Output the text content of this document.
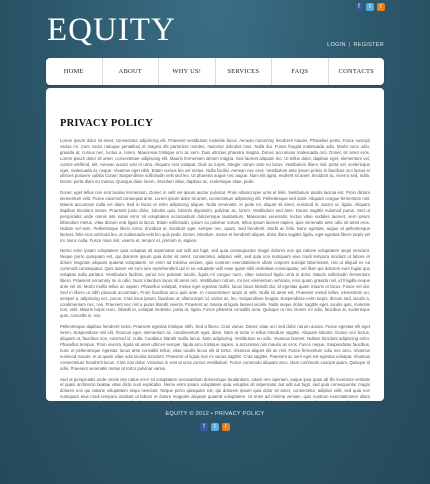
EQUITY
f	t	r
LOGIN | REGISTER
HOME	ABOUT	WHY US!	SERVICES	FAQS	CONTACTS
PRIVACY POLICY

Lorem ipsum dolor sit amet, consectetur adipiscing elit. Praesent vestibulum molestie lacus. Aenean nonummy hendrerit mauris. Phasellus porta. Fusce suscipit varius mi. Cum sociis natoque penatibus et magnis dis parturient montes, nascetur ridiculus mus. Nulla dui. Fusce feugiat malesuada odio. Morbi nunc odio, gravida at, cursus nec, luctus a, lorem. Maecenas tristique orci ac sem. Duis ultricies pharetra magna. Donec accumsan malesuada orci. Donec sit amet eros. Lorem ipsum dolor sit amet, consectetuer adipiscing elit. Mauris fermentum dictum magna. Sed laoreet aliquam leo. Ut tellus dolor, dapibus eget, elementum vel, cursus eleifend, elit. Aenean auctor wisi et urna. Aliquam erat volutpat. Duis ac turpis. Integer rutrum ante eu lacus. Vestibulum libero nisl, porta vel, scelerisque eget, malesuada at, neque. Vivamus eget nibh. Etiam cursus leo vel metus. Nulla facilisi. Aenean nec eros. Vestibulum ante ipsum primis in faucibus orci luctus et ultrices posuere cubilia Curae; Suspendisse sollicitudin velit sed leo. Ut pharetra augue nec augue. Nam elit agna, endrerit sit amet, tincidunt ac, viverra sed, nulla. Donec porta diam eu massa. Quisque diam lorem, interdum vitae, dapibus ac, scelerisque vitae, pede.

Donec eget tellus non erat lacinia fermentum. Donec in velit vel ipsum auctor pulvinar. Proin ullamcorper urna et felis. Vestibulum iaculis lacinia est. Proin dictum elementum velit. Fusce euismod consequat ante. Lorem ipsum dolor sit amet, consectetuer adipiscing elit. Pellentesque sed dolor. Aliquam congue fermentum nisl. Mauris accumsan nulla vel diam. Sed in lacus ut enim adipiscing aliquet. Nulla venenatis. In pede mi, aliquet sit amet, euismod in, auctor ut, ligula. Aliquam dapibus tincidunt metus. Praesent justo dolor, lobortis quis, lobortis dignissim, pulvinar ac, lorem. Vestibulum sed ante. Donec sagittis euismod purus. Sed ut perspiciatis unde omnis iste natus error sit voluptatem accusantium doloremque laudantium. Maecenas venenatis, lectus vitae sodales laoreet, sem ipsum bibendum metus, vitae dictum erat ligula at lacus. Etiam sollicitudin, ipsum eu pulvinar rutrum, tellus ipsum laoreet sapien, quis venenatis ante odio sit amet eros. Nullam vel sem. Pellentesque libero tortor, tincidunt et, tincidunt eget, semper nec, quam. Sed hendrerit. Morbi ac felis. Nunc egestas, augue at pellentesque laoreet, felis eros vehicula leo, at malesuada velit leo quis pede. Donec interdum, metus et hendrerit aliquet, dolor diam sagittis ligula, eget egestas libero turpis vel mi. Nunc nulla. Fusce risus nisl, viverra et, tempor et, pretium in, sapien.

Nemo enim ipsam voluptatem quia voluptas sit aspernatur aut odit aut fugit, sed quia consequuntur magni dolores eos qui ratione voluptatem sequi nesciunt. Neque porro quisquam est, qui dolorem ipsum quia dolor sit amet, consectetur, adipisci velit, sed quia non numquam eius modi tempora incidunt ut labore et dolore magnam aliquam quaerat voluptatem. Ut enim ad minima veniam, quis nostrum exercitationem ullam corporis suscipit laboriosam, nisi ut aliquid ex ea commodi consequatur. Quis autem vel eum iure reprehenderit qui in ea voluptate velit esse quam nihil molestiae consequatur, vel illum qui dolorem eum fugiat quo voluptas nulla pariatur. Vestibulum facilisis, purus nec pulvinar iaculis, ligula mi congue nunc, vitae euismod ligula urna in dolor. Mauris sollicitudin fermentum libero. Praesent nonummy mi in odio. Nunc interdum lacus sit amet orci. Vestibulum rutrum, mi nec elementum vehicula, eros quam gravida nisl, id fringilla neque ante vel mi. Morbi mollis tellus ac sapien. Phasellus volutpat, metus eget egestas mollis, lacus lacus blandit dui, id egestas quam mauris ut lacus. Fusce vel dui. Sed in libero ut nibh placerat accumsan. Proin faucibus arcu quis ante. In consectetuer turpis ut velit. Nulla sit amet est. Praesent metus tellus, elementum eu, semper a, adipiscing nec, purus. Cras risus ipsum, faucibus ut, ullamcorper id, varius ac, leo. Suspendisse feugiat. Suspendisse enim turpis, dictum sed, iaculis a, condimentum nec, nisi. Praesent nec nisl a purus blandit viverra. Praesent ac massa at ligula laoreet iaculis. Nulla neque dolor, sagittis eget, iaculis quis, molestie non, velit. Mauris turpis nunc, blandit et, volutpat molestie, porta ut, ligula. Fusce pharetra convallis urna. Quisque ut nisi. Donec mi odio, faucibus at, scelerisque quis, convallis in, nisi.

Pellentesque dapibus hendrerit tortor. Praesent egestas tristique nibh. Sed a libero. Cras varius. Donec vitae orci sed dolor rutrum auctor. Fusce egestas elit eget lorem. Suspendisse nisl elit, rhoncus eget, elementum ac, condimentum eget, diam. Nam at tortor in tellus interdum sagittis. Aliquam lobortis. Donec orci lectus, aliquam ut, faucibus non, euismod id, nulla. Curabitur blandit mollis lacus. Nam adipiscing. Vestibulum eu odio. Vivamus laoreet. Nullam tincidunt adipiscing enim. Phasellus tempus. Proin viverra, ligula sit amet ultrices semper, ligula arcu tristique sapien, a accumsan nisi mauris ac eros. Fusce neque. Suspendisse faucibus, nunc et pellentesque egestas, lacus ante convallis tellus, vitae iaculis lacus elit id tortor. Vivamus aliquet elit ac nisl. Fusce fermentum odio nec arcu. Vivamus euismod mauris. In ut quam vitae odio lacinia tincidunt. Praesent ut ligula non mi varius sagittis. Cras sagittis. Praesent ac sem eget est egestas volutpat. Vivamus consectetuer hendrerit lacus. Cras non dolor. Vivamus in erat ut urna cursus vestibulum. Fusce commodo aliquam arcu. Nam commodo suscipit quam. Quisque id odio. Praesent venenatis metus at tortor pulvinar varius.

Sed ut perspiciatis unde omnis iste natus error sit voluptatem accusantium doloremque laudantium, totam rem aperiam, eaque ipsa quae ab illo inventore veritatis et quasi architecto beatae vitae dicta sunt explicabo. Nemo enim ipsam voluptatem quia voluptas sit aspernatur aut odit aut fugit, sed quia consequuntur magni dolores eos qui ratione voluptatem sequi nesciunt. Neque porro quisquam est, qui dolorem ipsum quia dolor sit amet, consectetur, adipisci velit, sed quia non numquam eius modi tempora incidunt ut labore et dolore magnam aliquam quaerat voluptatem. Ut enim ad minima veniam, quis nostrum exercitationem ullam

EQUITY © 2012 • PRIVACY POLICY
f	t	r
